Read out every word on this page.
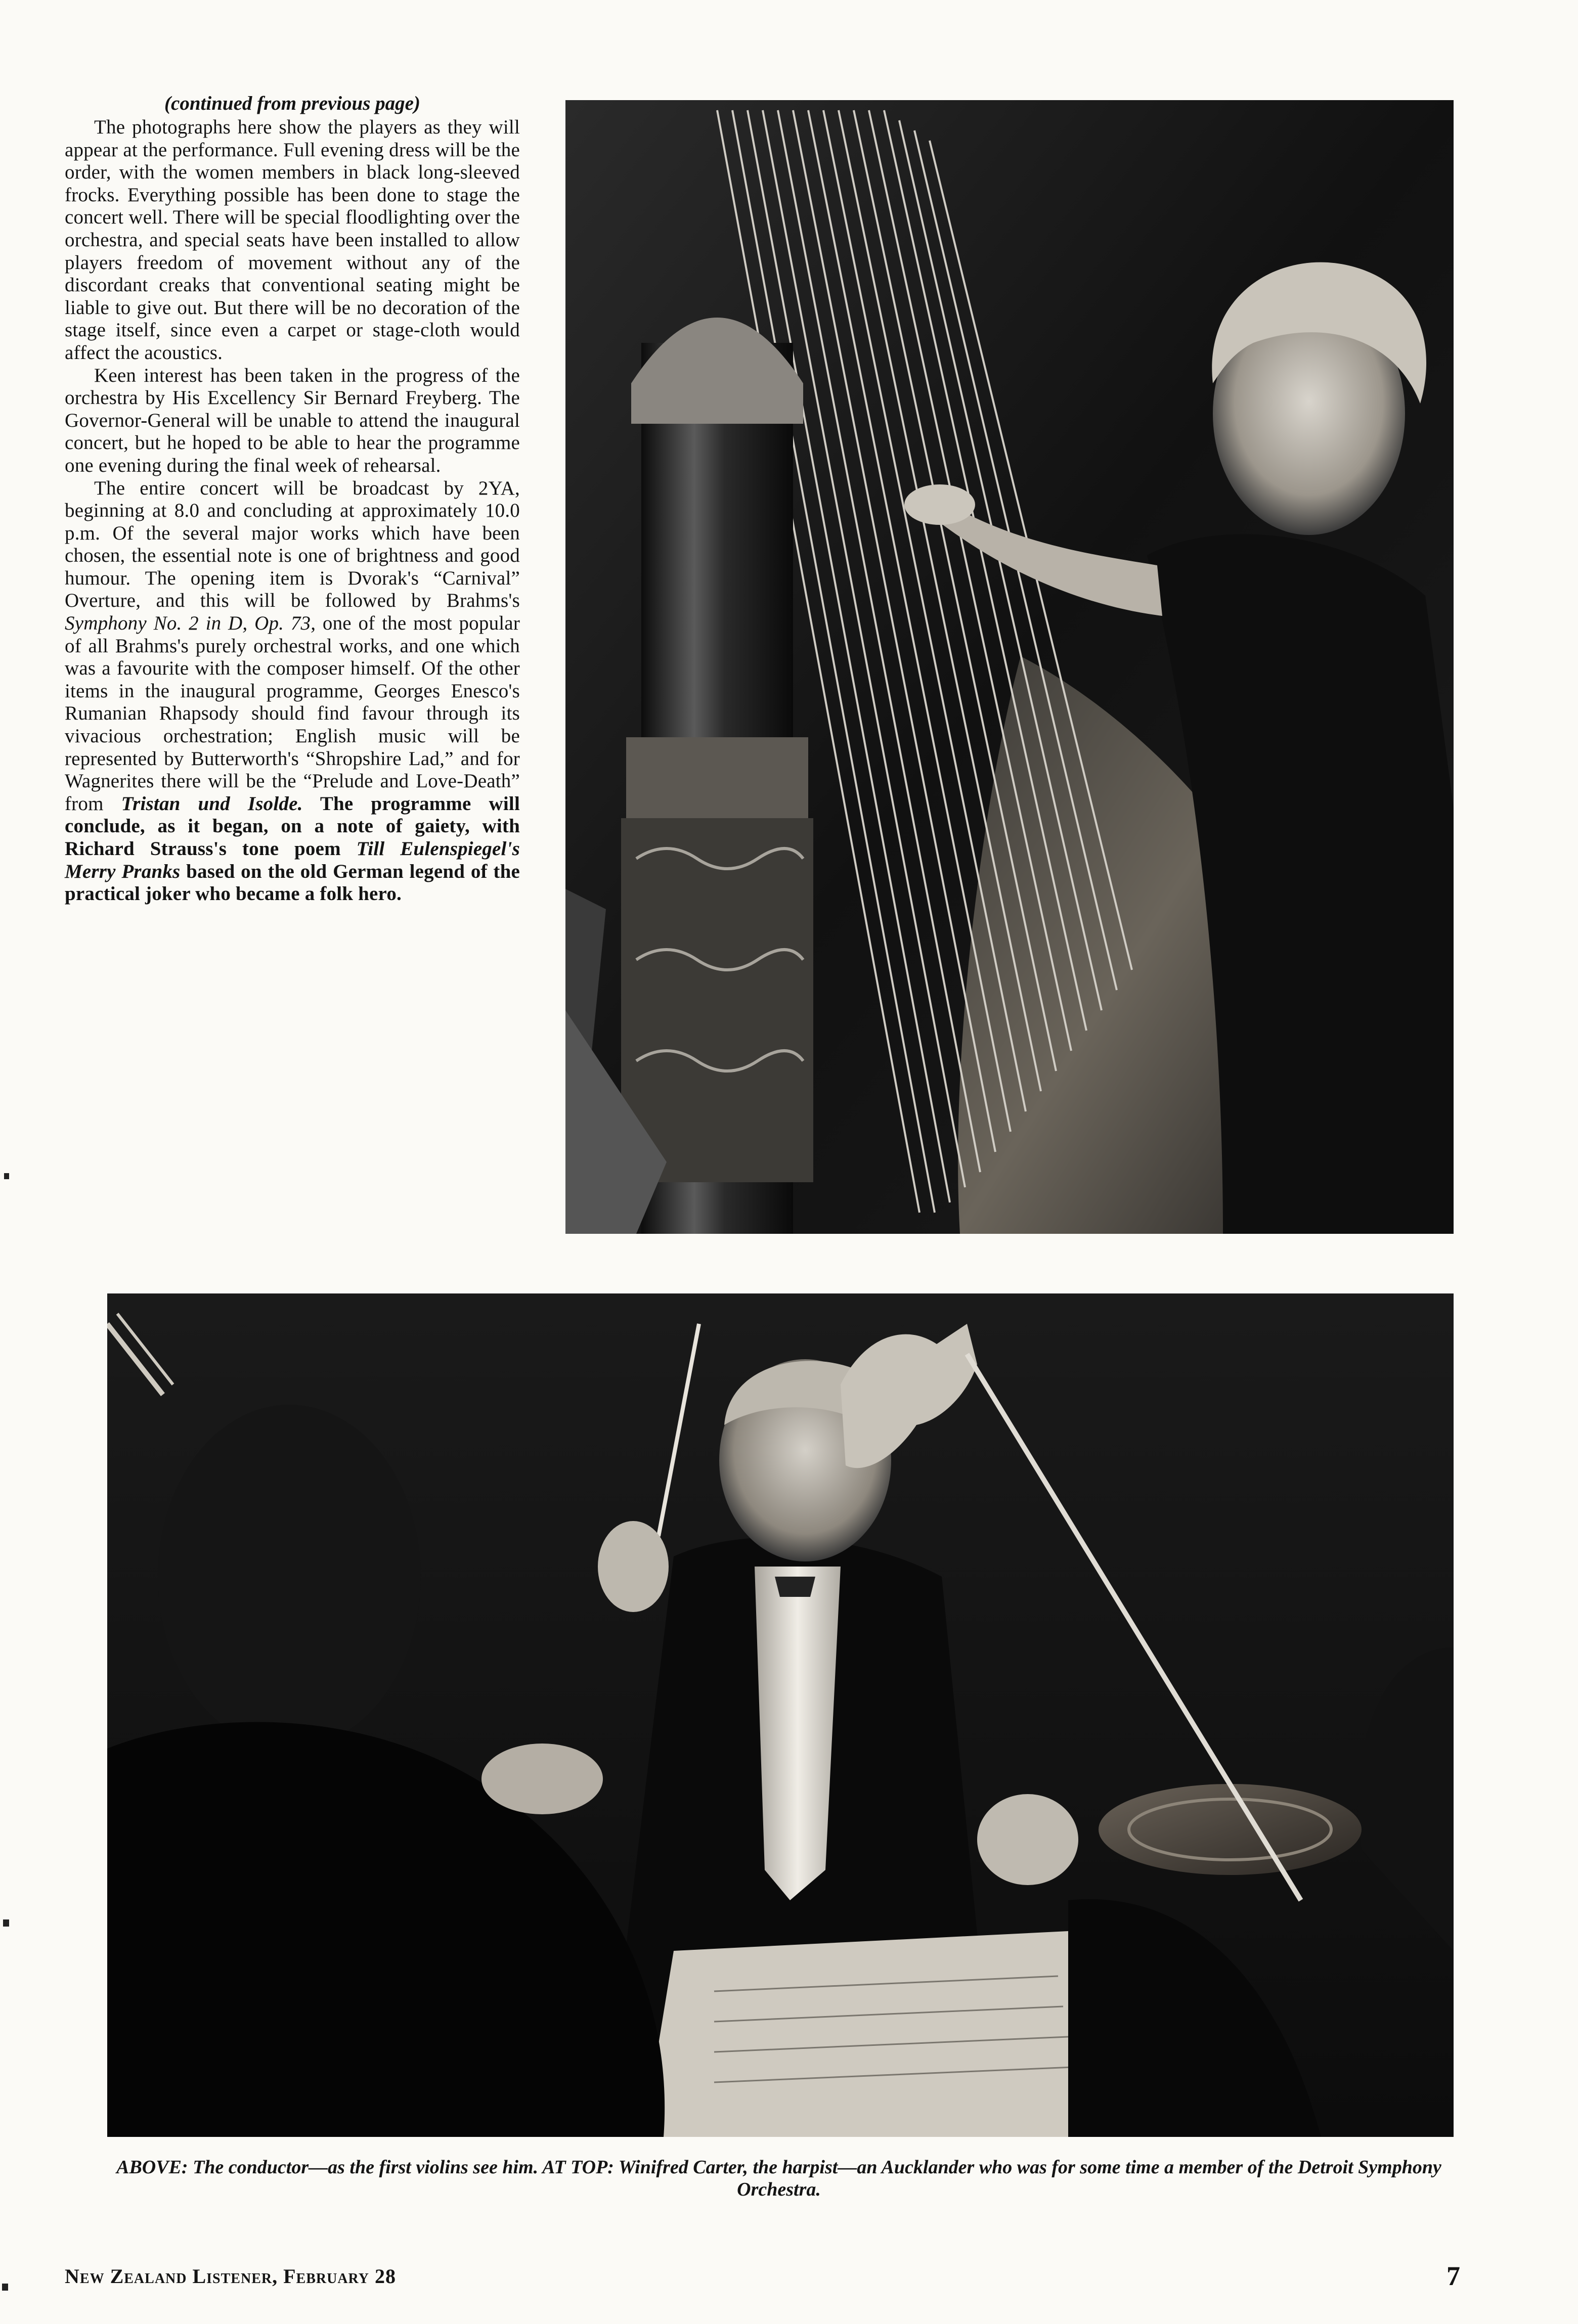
(continued from previous page)

The photographs here show the players as they will appear at the performance. Full evening dress will be the order, with the women members in black long-sleeved frocks. Everything possible has been done to stage the concert well. There will be special floodlighting over the orchestra, and special seats have been installed to allow players freedom of movement without any of the discordant creaks that conventional seating might be liable to give out. But there will be no decoration of the stage itself, since even a carpet or stage-cloth would affect the acoustics.

Keen interest has been taken in the progress of the orchestra by His Excellency Sir Bernard Freyberg. The Governor-General will be unable to attend the inaugural concert, but he hoped to be able to hear the programme one evening during the final week of rehearsal.

The entire concert will be broadcast by 2YA, beginning at 8.0 and concluding at approximately 10.0 p.m. Of the several major works which have been chosen, the essential note is one of brightness and good humour. The opening item is Dvorak's “Carnival” Overture, and this will be followed by Brahms's Symphony No. 2 in D, Op. 73, one of the most popular of all Brahms's purely orchestral works, and one which was a favourite with the composer himself. Of the other items in the inaugural programme, Georges Enesco's Rumanian Rhapsody should find favour through its vivacious orchestration; English music will be represented by Butterworth's “Shropshire Lad,” and for Wagnerites there will be the “Prelude and Love-Death” from Tristan und Isolde. The programme will conclude, as it began, on a note of gaiety, with Richard Strauss's tone poem Till Eulenspiegel's Merry Pranks based on the old German legend of the practical joker who became a folk hero.

ABOVE: The conductor—as the first violins see him. AT TOP: Winifred Carter, the harpist—an Aucklander who was for some time a member of the Detroit Symphony Orchestra.
New Zealand Listener, February 28	7
